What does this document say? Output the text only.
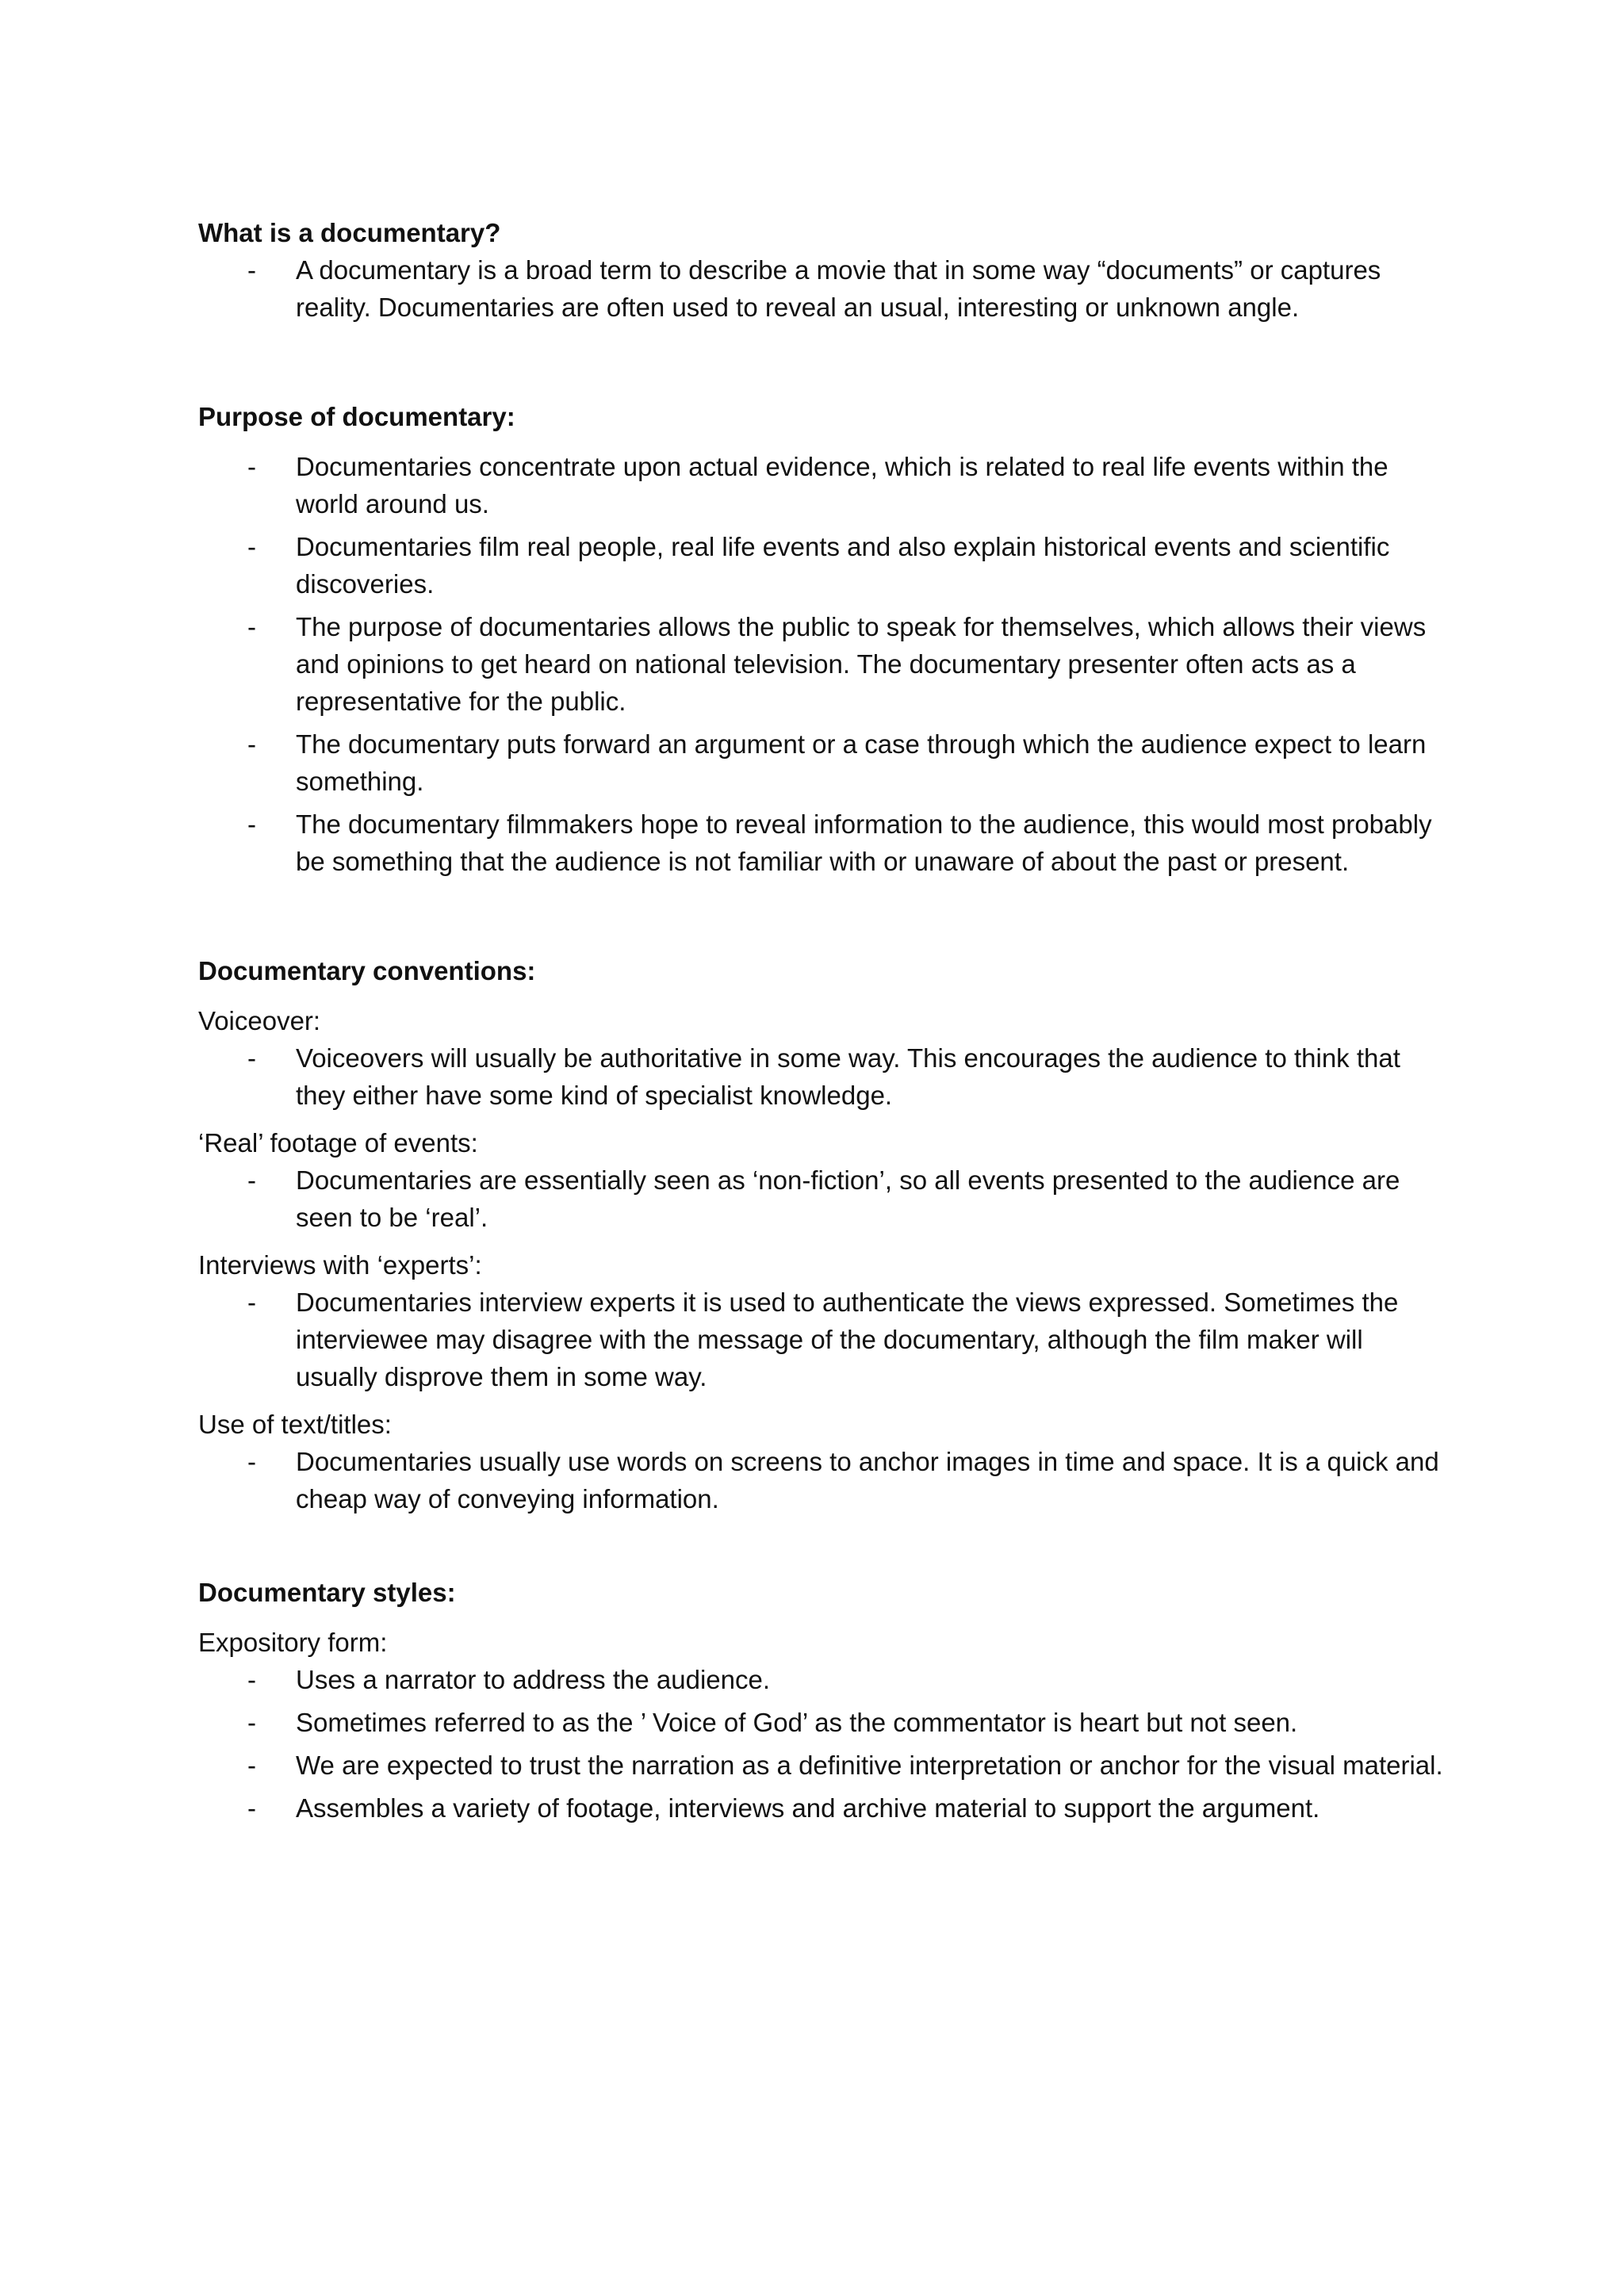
What is a documentary?

- A documentary is a broad term to describe a movie that in some way “documents” or captures reality. Documentaries are often used to reveal an usual, interesting or unknown angle.

Purpose of documentary:

- Documentaries concentrate upon actual evidence, which is related to real life events within the world around us.
- Documentaries film real people, real life events and also explain historical events and scientific discoveries.
- The purpose of documentaries allows the public to speak for themselves, which allows their views and opinions to get heard on national television. The documentary presenter often acts as a representative for the public.
- The documentary puts forward an argument or a case through which the audience expect to learn something.
- The documentary filmmakers hope to reveal information to the audience, this would most probably be something that the audience is not familiar with or unaware of about the past or present.

Documentary conventions:

Voiceover:

- Voiceovers will usually be authoritative in some way. This encourages the audience to think that they either have some kind of specialist knowledge.

‘Real’ footage of events:

- Documentaries are essentially seen as ‘non-fiction’, so all events presented to the audience are seen to be ‘real’.

Interviews with ‘experts’:

- Documentaries interview experts it is used to authenticate the views expressed. Sometimes the interviewee may disagree with the message of the documentary, although the film maker will usually disprove them in some way.

Use of text/titles:

- Documentaries usually use words on screens to anchor images in time and space. It is a quick and cheap way of conveying information.

Documentary styles:

Expository form:

- Uses a narrator to address the audience.
- Sometimes referred to as the ’ Voice of God’ as the commentator is heart but not seen.
- We are expected to trust the narration as a definitive interpretation or anchor for the visual material.
- Assembles a variety of footage, interviews and archive material to support the argument.
